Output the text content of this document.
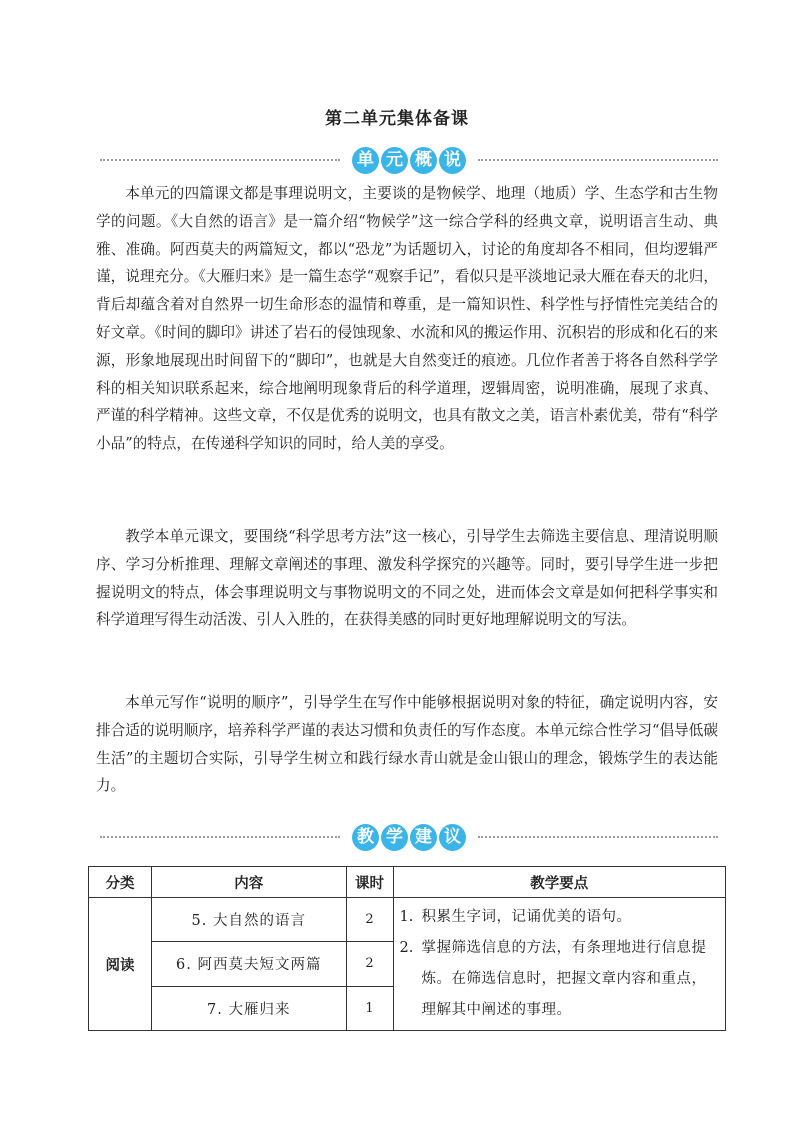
第二单元集体备课
单 元 概 说

本单元的四篇课文都是事理说明文，主要谈的是物候学、地理（地质）学、生态学和古生物学的问题。《大自然的语言》是一篇介绍“物候学”这一综合学科的经典文章，说明语言生动、典雅、准确。阿西莫夫的两篇短文，都以“恐龙”为话题切入，讨论的角度却各不相同，但均逻辑严谨，说理充分。《大雁归来》是一篇生态学“观察手记”，看似只是平淡地记录大雁在春天的北归，背后却蕴含着对自然界一切生命形态的温情和尊重，是一篇知识性、科学性与抒情性完美结合的好文章。《时间的脚印》讲述了岩石的侵蚀现象、水流和风的搬运作用、沉积岩的形成和化石的来源，形象地展现出时间留下的“脚印”，也就是大自然变迁的痕迹。几位作者善于将各自然科学学科的相关知识联系起来，综合地阐明现象背后的科学道理，逻辑周密，说明准确，展现了求真、严谨的科学精神。这些文章，不仅是优秀的说明文，也具有散文之美，语言朴素优美，带有“科学小品”的特点，在传递科学知识的同时，给人美的享受。

教学本单元课文，要围绕“科学思考方法”这一核心，引导学生去筛选主要信息、理清说明顺序、学习分析推理、理解文章阐述的事理、激发科学探究的兴趣等。同时，要引导学生进一步把握说明文的特点，体会事理说明文与事物说明文的不同之处，进而体会文章是如何把科学事实和科学道理写得生动活泼、引人入胜的，在获得美感的同时更好地理解说明文的写法。

本单元写作“说明的顺序”，引导学生在写作中能够根据说明对象的特征，确定说明内容，安排合适的说明顺序，培养科学严谨的表达习惯和负责任的写作态度。本单元综合性学习“倡导低碳生活”的主题切合实际，引导学生树立和践行绿水青山就是金山银山的理念，锻炼学生的表达能力。

教 学 建 议
分类	内容	课时	教学要点
阅读	5. 大自然的语言	2	1. 积累生字词，记诵优美的语句。
2. 掌握筛选信息的方法，有条理地进行信息提炼。在筛选信息时，把握文章内容和重点，理解其中阐述的事理。

	6. 阿西莫夫短文两篇	2	
	7. 大雁归来	1	
